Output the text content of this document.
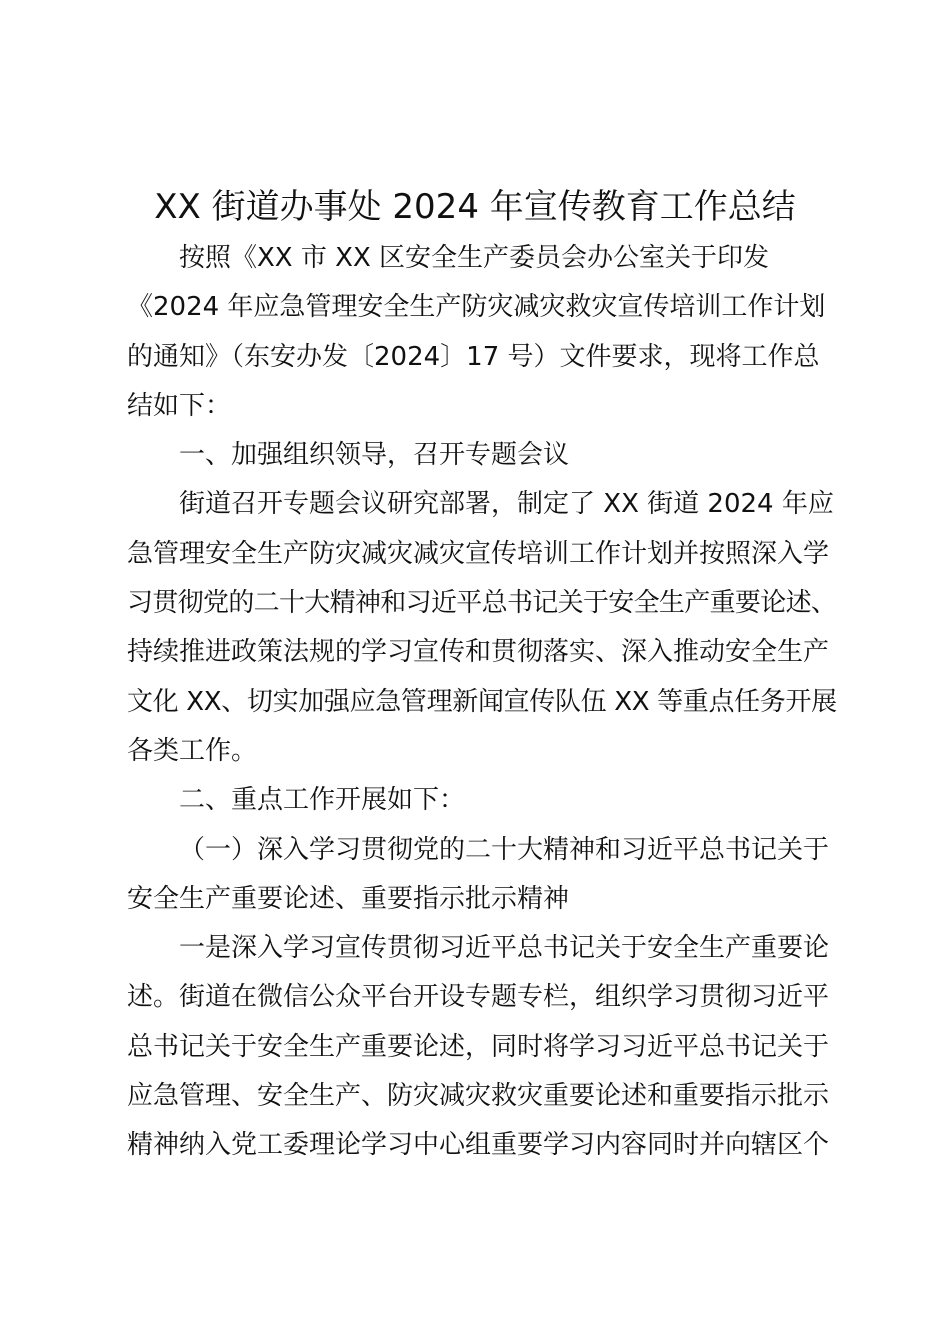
XX 街道办事处 2024 年宣传教育工作总结
按照《XX 市 XX 区安全生产委员会办公室关于印发
《2024 年应急管理安全生产防灾减灾救灾宣传培训工作计划
的通知》（东安办发〔2024〕17 号）文件要求，现将工作总
结如下：
一、加强组织领导，召开专题会议
街道召开专题会议研究部署，制定了 XX 街道 2024 年应
急管理安全生产防灾减灾减灾宣传培训工作计划并按照深入学
习贯彻党的二十大精神和习近平总书记关于安全生产重要论述、
持续推进政策法规的学习宣传和贯彻落实、深入推动安全生产
文化 XX、切实加强应急管理新闻宣传队伍 XX 等重点任务开展
各类工作。
二、重点工作开展如下：
（一）深入学习贯彻党的二十大精神和习近平总书记关于
安全生产重要论述、重要指示批示精神
一是深入学习宣传贯彻习近平总书记关于安全生产重要论
述。街道在微信公众平台开设专题专栏，组织学习贯彻习近平
总书记关于安全生产重要论述，同时将学习习近平总书记关于
应急管理、安全生产、防灾减灾救灾重要论述和重要指示批示
精神纳入党工委理论学习中心组重要学习内容同时并向辖区个
